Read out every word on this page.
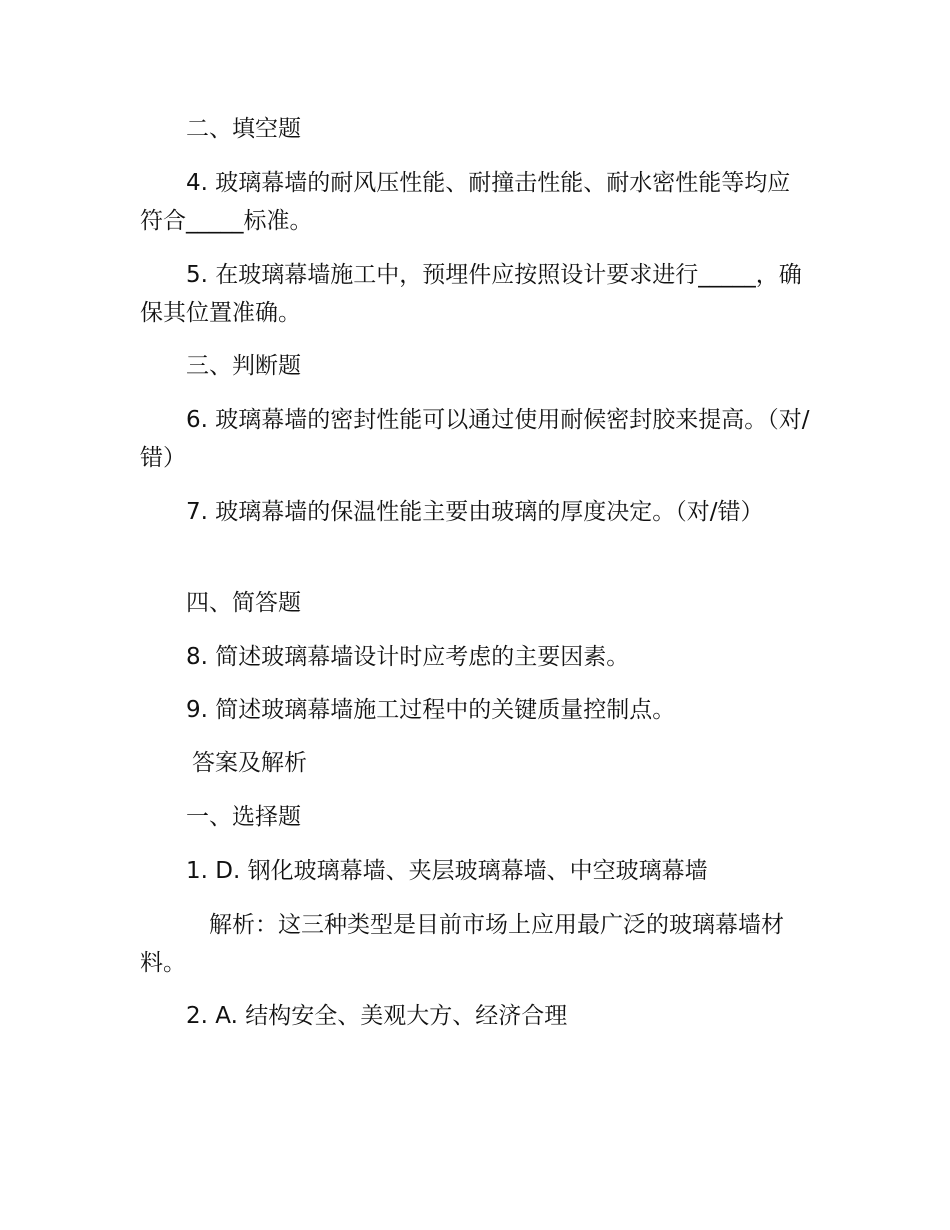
二、填空题

4. 玻璃幕墙的耐风压性能、耐撞击性能、耐水密性能等均应符合_____标准。

5. 在玻璃幕墙施工中，预埋件应按照设计要求进行_____，确保其位置准确。

三、判断题

6. 玻璃幕墙的密封性能可以通过使用耐候密封胶来提高。（对/错）

7. 玻璃幕墙的保温性能主要由玻璃的厚度决定。（对/错）

四、简答题

8. 简述玻璃幕墙设计时应考虑的主要因素。

9. 简述玻璃幕墙施工过程中的关键质量控制点。

答案及解析

一、选择题

1. D. 钢化玻璃幕墙、夹层玻璃幕墙、中空玻璃幕墙

解析：这三种类型是目前市场上应用最广泛的玻璃幕墙材料。

2. A. 结构安全、美观大方、经济合理
